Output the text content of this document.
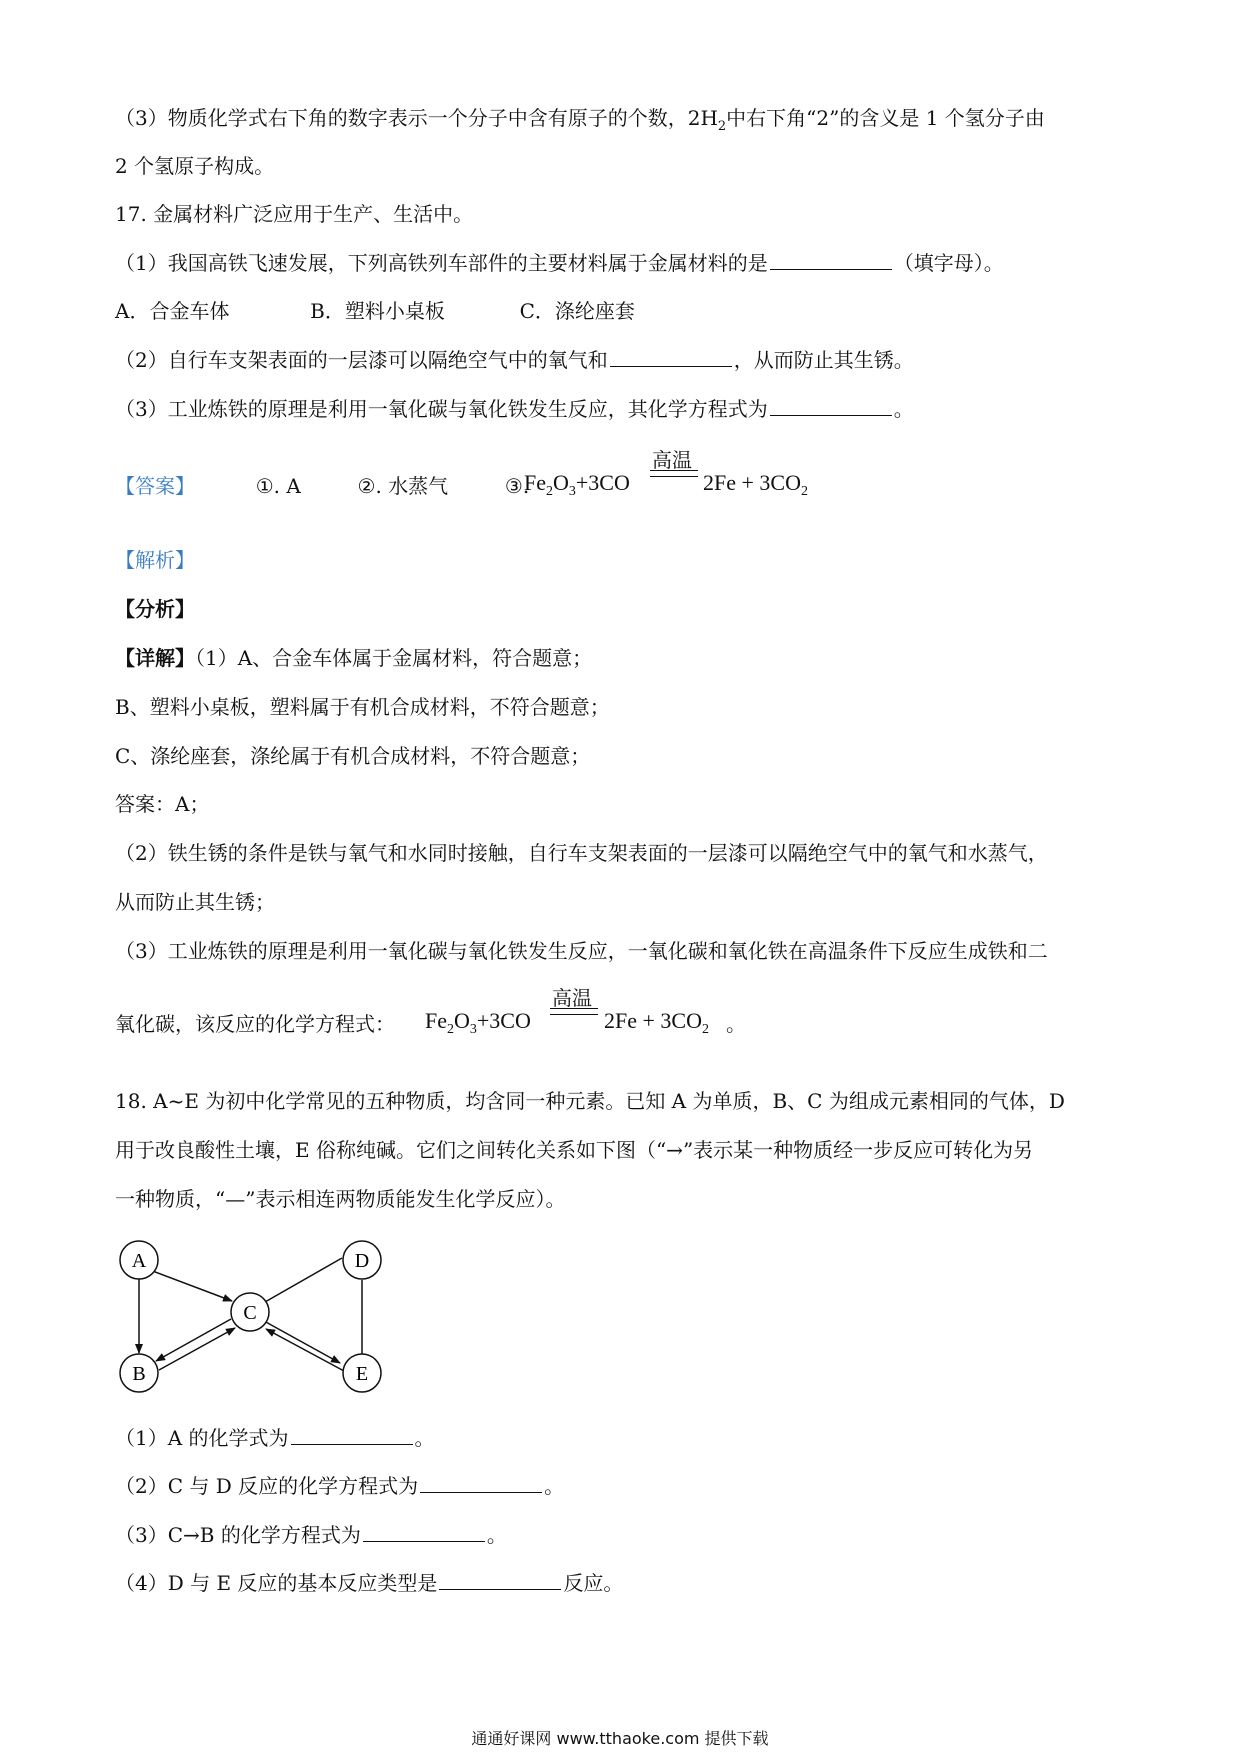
（3）物质化学式右下角的数字表示一个分子中含有原子的个数，$2H_2$中右下角“2”的含义是 1 个氢分子由
2 个氢原子构成。
17. 金属材料广泛应用于生产、生活中。
（1）我国高铁飞速发展，下列高铁列车部件的主要材料属于金属材料的是	（填字母）。
A．合金车体	B．塑料小桌板	C．涤纶座套
（2）自行车支架表面的一层漆可以隔绝空气中的氧气和	，从而防止其生锈。
（3）工业炼铁的原理是利用一氧化碳与氧化铁发生反应，其化学方程式为	。
【答案】	①. A	②. 水蒸气	③.
$Fe_2O_3+3CO$
高温
$2Fe + 3CO_2$
【解析】
【分析】
【详解】（1）A、合金车体属于金属材料，符合题意；
B、塑料小桌板，塑料属于有机合成材料，不符合题意；
C、涤纶座套，涤纶属于有机合成材料，不符合题意；
答案：A；
（2）铁生锈的条件是铁与氧气和水同时接触，自行车支架表面的一层漆可以隔绝空气中的氧气和水蒸气，
从而防止其生锈；
（3）工业炼铁的原理是利用一氧化碳与氧化铁发生反应，一氧化碳和氧化铁在高温条件下反应生成铁和二
氧化碳，该反应的化学方程式： $Fe_2O_3+3CO$
高温
$2Fe + 3CO_2$ 。
18. A~E 为初中化学常见的五种物质，均含同一种元素。已知 A 为单质，B、C 为组成元素相同的气体，D
用于改良酸性土壤，E 俗称纯碱。它们之间转化关系如下图（“→”表示某一种物质经一步反应可转化为另
一种物质，“—”表示相连两物质能发生化学反应）。
A
B
C
D
E
（1）A 的化学式为	。
（2）C 与 D 反应的化学方程式为	。
（3）C→B 的化学方程式为	。
（4）D 与 E 反应的基本反应类型是	反应。
通通好课网 www.tthaoke.com 提供下载
